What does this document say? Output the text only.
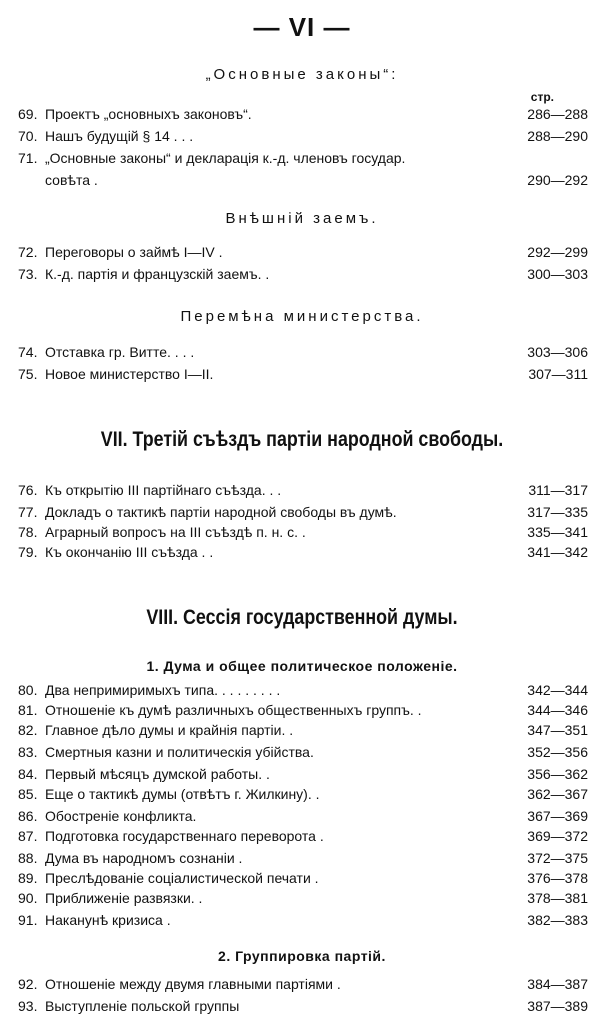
— VI —
„Основные законы“:
стр.
69. Проектъ „основныхъ законовъ“.	286—288
70. Нашъ будущій § 14 . . .	288—290
71. „Основные законы“ и декларація к.-д. членовъ государ.
совѣта .	290—292
Внѣшній заемъ.
72. Переговоры о займѣ I—IV .	292—299
73. К.-д. партія и французскій заемъ. .	300—303
Перемѣна министерства.
74. Отставка гр. Витте. . . .	303—306
75. Новое министерство I—II.	307—311
VII. Третій съѣздъ партіи народной свободы.
76. Къ открытію III партійнаго съѣзда. . .	311—317
77. Докладъ о тактикѣ партіи народной свободы въ думѣ.	317—335
78. Аграрный вопросъ на III съѣздѣ п. н. с. .	335—341
79. Къ окончанію III съѣзда . .	341—342
VIII. Сессія государственной думы.
1. Дума и общее политическое положеніе.
80. Два непримиримыхъ типа. . . . . . . . .	342—344
81. Отношеніе къ думѣ различныхъ общественныхъ группъ. .	344—346
82. Главное дѣло думы и крайнія партіи. .	347—351
83. Смертныя казни и политическія убійства.	352—356
84. Первый мѣсяцъ думской работы. .	356—362
85. Еще о тактикѣ думы (отвѣтъ г. Жилкину). .	362—367
86. Обостреніе конфликта.	367—369
87. Подготовка государственнаго переворота .	369—372
88. Дума въ народномъ сознаніи .	372—375
89. Преслѣдованіе соціалистической печати .	376—378
90. Приближеніе развязки. .	378—381
91. Наканунѣ кризиса .	382—383
2. Группировка партій.
92. Отношеніе между двумя главными партіями .	384—387
93. Выступленіе польской группы	387—389
